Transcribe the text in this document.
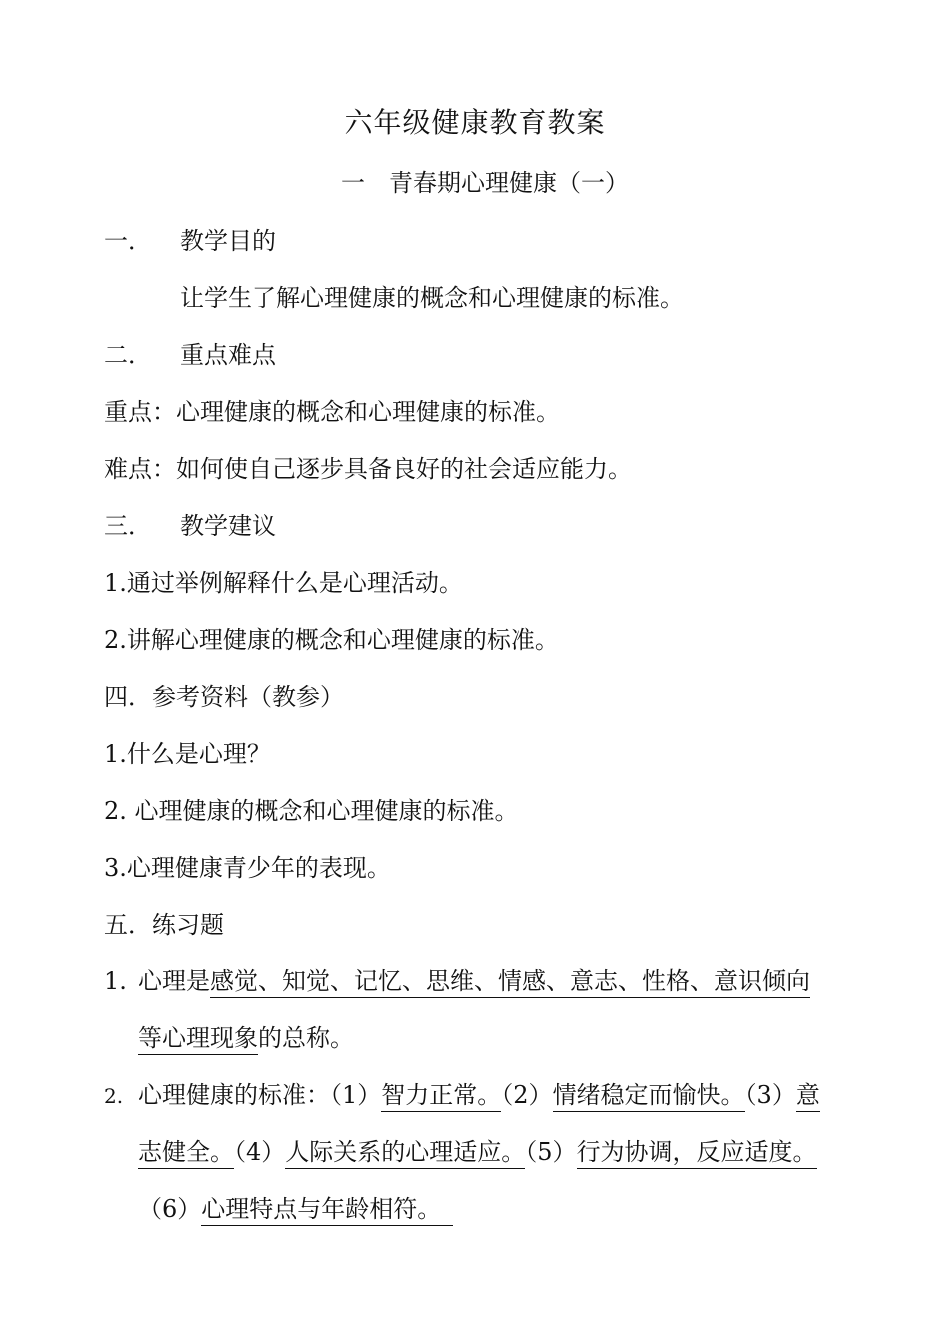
六年级健康教育教案
一　青春期心理健康（一）
一． 教学目的
让学生了解心理健康的概念和心理健康的标准。
二． 重点难点
重点：心理健康的概念和心理健康的标准。
难点：如何使自己逐步具备良好的社会适应能力。
三． 教学建议
1.通过举例解释什么是心理活动。
2.讲解心理健康的概念和心理健康的标准。
四．参考资料（教参）
1.什么是心理？
2. 心理健康的概念和心理健康的标准。
3.心理健康青少年的表现。
五．练习题
1. 心理是感觉、知觉、记忆、思维、情感、意志、性格、意识倾向
等心理现象的总称。
2. 心理健康的标准：（1）智力正常。（2）情绪稳定而愉快。（3）意
志健全。（4）人际关系的心理适应。（5）行为协调，反应适度。
（6）心理特点与年龄相符。
